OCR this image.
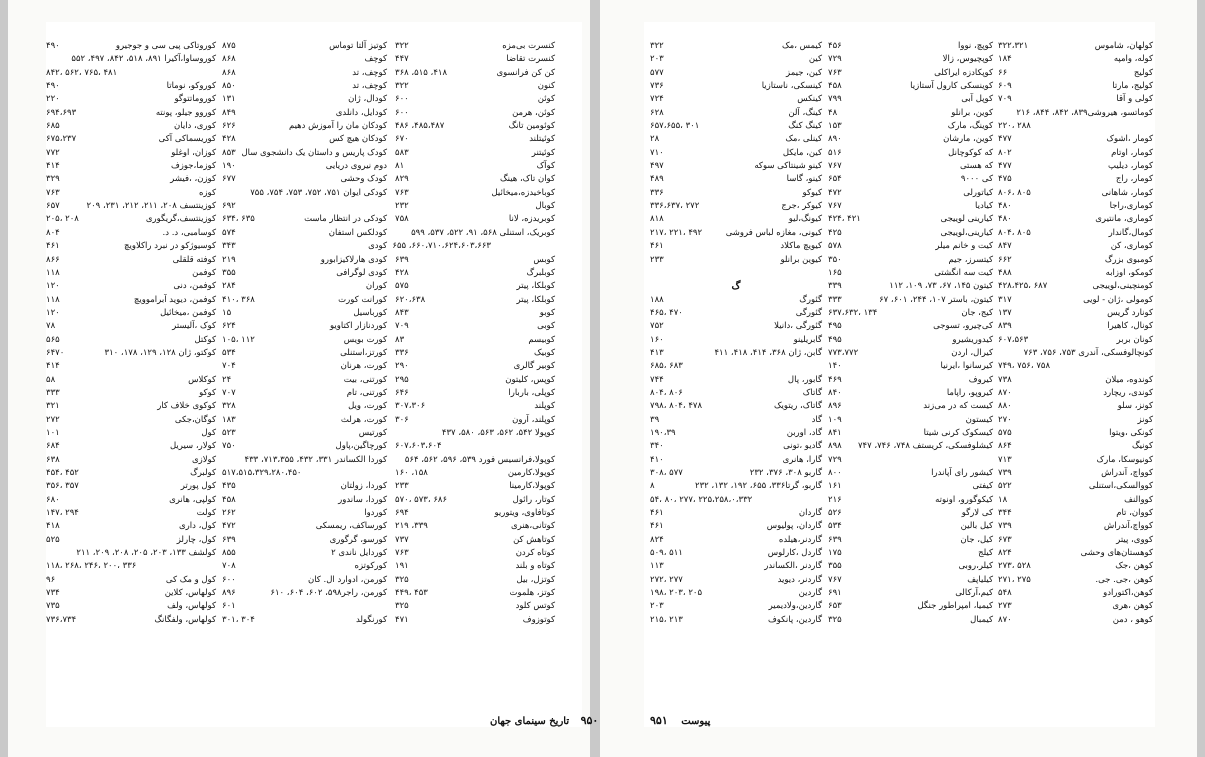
۹۵۰ تاریخ سینمای جهان	پیوست ۹۵۱
کنسرت بی‌مزه
۳۲۲
کنسرت تقاضا
۴۴۷
کن کن فرانسوی
۴۱۸، ۵۱۵، ۳۶۸
کنون
۳۲۲
کوئن
۶۰۰
کوئن، هرمن
۶۰۰
کوئومین تانگ
۴۸۵،۴۸۷، ۴۸۶
کوئیتلند
۶۷۰
کوئیتنر
۵۸۳
کوآک
۸۱
کوان تاک، هینگ
۸۲۹
کوباخیدزه،میخائیل
۷۶۳
کوبال
۲۳۲
کوبریدزه، لانا
۷۵۸
کوبریک، استنلی ۵۶۸، ۹۱، ۵۲۲، ۵۳۷، ۵۹۹
۶۶۰،۷۱۰،۶۲۴،۶۰۳،۶۶۳، ۶۵۵
کوبس
۶۳۹
کوبلبرگ
۴۲۸
کوبلکا، پیتر
۵۷۵
کوبلکا، پیتر
۶۲۰،۶۳۸
کوبو
۸۴۳
کوبی
۷۰۹
کوبیسم
۸۳
کوبیک
۳۳۶
کوبیر گالری
۲۹۰
کوپس، کلیتون
۲۹۵
کوپلی، باربارا
۶۴۶
کوپلند
۳۰۷،۳۰۶
کوپلند، آرون
۳۰۶
کوپولا ۵۴۲، ۵۶۲، ۵۶۳، ۵۸۰، ۴۳۷
۶۰۷،۶۰۳،۶۰۴
کوپولا،فرانسیس فورد ۵۳۹، ۵۹۶، ۵۶۲، ۵۶۴
کوپولا،کارمین
۱۵۸، ۱۶۰
کوپولا،کارمینا
۲۳۳
کوتار، رائول
۶۸۶ ،۵۷۳ ،۵۷۰
کوتافاوی، ویتوریو
۶۹۴
کوتانی،هنری
۳۳۹، ۲۱۹
کوتاهش کن
۷۳۷
کوتاه کردن
۷۶۳
کوتاه و بلند
۱۹۱
کوتزل، بیل
۳۲۵
کوتز، هلموت
۴۵۳ ،۴۴۹
کوتس کلود
۳۲۵
کوتوزوف
۴۷۱
کوتیز آلتا توماس
۸۷۵
کوچف
۸۶۸
کوچف، تد
۸۶۸
کوچف، تد
۸۵۰
کودال، ژان
۱۳۱
کودایل، دانلدی
۸۴۹
کودکان مان را آموزش دهیم
۶۲۶
کودکان هیچ کس
۴۲۸
کودک پاریس و داستان یک دانشجوی سال
۸۵۳
دوم نیروی دریایی
۱۹۰
کودک وحشی
۶۷۷
کودکی ایوان ۷۵۱، ۷۵۲، ۷۵۳، ۷۵۴، ۷۵۵
۶۹۲
کودکی در انتظار ماست
۶۳۵ ،۶۳۴
کودلکس استفان
۵۷۴
کودی
۳۴۳
کودی هارلاکیزابورو
۲۱۹
کودی لوگرافی
۳۵۵
کوران
۲۸۴
کورانت کورت
۳۶۸ ،۴۱۰
کورباسیل
۱۵
کوردنازار اکتاویو
۶۲۴
کورت بویس
۱۱۲ ،۱۰۵
کورتز،استنلی
۵۳۴
کورت، هرنان
۷۰۴
کورتنی، بیت
۲۴
کورتنی، تام
۷۰۷
کورت، ویل
۳۲۸
کورت، هرلث
۱۸۳
کورتیس
۵۲۳
کورچاگین،پاول
۷۵۰
کوردا الکساندر ۳۳۱، ۴۳۲، ۷۱۳،۳۵۵، ۴۳۳
۵۱۷،۵۱۵،۳۲۹،۲۸۰،۴۵۰
کوردا، زولتان
۴۳۵
کوردا، ساندور
۴۵۸
کوردوا
۲۶۲
کورساکف، ریمسکی
۴۷۲
کورسو، گرگوری
۶۳۹
کوردایل ناندی ۲
۸۵۵
کورکوتزه
۷۰۸
کورمن، ادوارد ال. کان
۶۰۰
کورمن، راجر۵۹۸، ۶۰۲، ۶۰۴، ۶۱۰
۸۹۶
۶۰۱
کورنگولد
۳۰۴ ،۳۰۱
کوروتاکی پیی سی و جوجیرو
۴۹۰
کوروساوا،آکیرا ۸۹۱، ۵۱۸، ۸۴۲، ۴۹۷، ۵۵۲
۴۸۱ ،۷۶۵ ،۵۶۲ ،۸۴۲
کوروکو، نوماتا
۴۹۰
کوروماتتوگو
۲۲۰
کوروو جیلو، پونته
۶۹۴،۶۹۳
کوری، دایان
۶۸۵
کوریسماکی آکی
۶۷۵،۲۳۷
کوزان، اوغلو
۷۷۲
کوزما،جوزف
۴۱۴
کوزن، ،فیشر
۳۲۹
کوزه
۷۶۳
کوزینتسف ۲۰۸، ۲۱۱، ۲۱۲، ۲۳۱، ۲۰۹
۶۵۷
کوزینتسف،گریگوری
۲۰۸ ،۲۰۵
کوسامبی، د. د.
۸۰۴
کوسیوژکو در نبرد راکلاویچ
۴۶۱
کوفته قلقلی
۸۶۶
کوفمن
۱۱۸
کوفمن، دنی
۱۲۰
کوفمن، دیوید آبراموویچ
۱۱۸
کوفمن ،میخائیل
۱۲۰
کوک ،آلیستر
۷۸
کوکتل
۵۶۵
کوکتو، ژان ۱۲۸، ۱۲۹، ۱۷۸، ۳۱۰
۶۴۷۰
۴۱۴
کوکلاس
۵۸
کوکو
۳۳۳
کوکوی خلاف کار
۳۲۱
کوگان،جکی
۲۷۲
کول
۱۰۱
کولار، سیریل
۶۸۴
کولازی
۶۳۸
کولبرگ
۴۵۲ ،۴۵۴
کول پورتر
۳۵۷ ،۳۵۶
کولپی، هانری
۶۸۰
کولت
۲۹۴ ،۱۴۷
کول، داری
۴۱۸
کول، چارلز
۵۲۵
کولشف ۱۳۳، ۲۰۳، ۲۰۵، ۲۰۸، ۲۰۹، ۲۱۱
۳۳۶ ،۲۰۰ ،۲۴۶ ،۲۶۸ ،۱۱۸
کول و مک کی
۹۶
کولهاس، کلاین
۷۳۴
کولهاس، ولف
۷۳۵
کولهاس، ولفگانگ
۷۳۶،۷۳۴
کولهان، شاموس
۳۲۲،۳۲۱
کوله، وامپه
۱۸۴
کولیج
۶۶
کولیج، مارتا
۶۰۹
کولی و آقا
۷۰۹
کوماتسو، هیروشی۸۳۹، ۸۴۲، ۸۴۴، ۲۱۶
۲۸۸ ،۲۲۰
کومار ،اشوک
۴۷۷
کومار، اوتام
۸۰۲
کومار، دیلیپ
۴۷۷
کومار، راج
۴۷۵
کومار، شاهانی
۸۰۵ ،۸۰۶
کوماری،راجا
۴۸۰
کوماری، مانتیری
۴۸۰
کومال،گاندار
۸۰۵ ،۸۰۴
کوماری، کن
۸۴۷
کومبوی بزرگ
۶۶۲
کومکو، اوزابه
۴۸۸
کومنچینی،لوییجی
۶۸۷ ،۴۲۸،۴۲۵
کومولی ،ژان - لویی
۳۱۷
کونارد گریس
۱۳۷
کونال، کاهیرا
۸۳۹
کونان بربر
۶۰۷،۵۶۳
کونچالوفسکی، آندری ۷۵۳، ۷۵۶، ۷۶۳
۷۵۸ ،۷۵۶ ،۷۴۹
کوندوه، میلان
۷۳۸
کوندی، ریچارد
۸۷۰
کونز، سلو
۸۸۰
کونز
۲۷۰
کونکی ،ویتوا
۵۷۵
کونیگ
۸۶۴
کونیوسکا، مارک
۷۱۳
کوواچ، آندراش
۷۳۹
کووالسکی،استنلی
۵۲۲
کووالنف
۱۸
کووان، تام
۳۴۴
کوواچ،آندراش
۷۳۹
کووی، پیتر
۶۷۳
کوهستان‌های وحشی
۸۲۴
کوهن ،جک
۵۲۸ ،۲۷۳
کوهن ،جی. جی.
۲۷۵ ،۲۷۱
کوهن،اکتورادو
۵۴۸
کوهن ،هری
۲۷۳
کوهو ، دمن
۸۷۰
کوپچ، نووا
۴۵۶
کوپچیوس، زالا
۷۲۹
کوپکادزه ایراکلی
۷۶۳
کوینسکی کارول آستازیا
۴۵۸
کوپل آبی
۷۹۹
کوین، برانلو
۴۸
کوینگ، مارک
۱۵۳
کوین، مارشان
۸۹۰
که کوکوچانل
۵۱۶
که هستی
۷۶۷
کی ۹۰۰۰
۶۵۴
کیاتورلی
۴۷۲
کیادیا
۷۶۷
کیارینی لوییجی
۴۲۱ ،۴۲۴
کیارینی،لوییجی
۴۲۵
کیت و خانم میلر
۵۷۸
کیتسرز، جیم
۳۵۰
کیت سه انگشتی
۱۶۵
کیتون ۱۴۵، ۶۷، ۷۳، ۱۰۹، ۱۱۲
۳۳۹
کیتون، باستر ۱۰۷، ۲۴۴، ۶۰۱، ۶۷
۳۳۳
کیج، جان
۱۳۴ ،۶۳۷،۶۳۲
کی‌چیرو، تسوجی
۴۹۵
کیدوریشیرو
۴۹۵
کیرال، اردن
۷۷۳،۷۷۲
کیرسانوا ،ایرنیا
۱۴۰
کیروف
۴۶۹
کیروپو، راپاما
۸۴۰
کیست که در می‌زند
۸۹۶
کیستون
۱۰۹
کیسکوک کرنی شیتا
۸۴۱
کیشلوفسکی، کریستف ۷۴۸، ۷۴۶، ۷۴۷
۸۹۸
۷۲۹
کیشور رای آپاندرا
۸۰۰
کیفتی
۱۶۱
کیکوگورو، اونوته
۲۱۶
کی لارگو
۵۲۶
کیل بالین
۵۳۴
کیل، جان
۶۳۹
کیلج
۱۷۵
کیلر،روبی
۳۵۵
کیلیاپف
۷۶۷
کیم،آرکالی
۶۹۱
کیمیا، امپراطور جنگل
۶۵۳
کیمبال
۳۲۵
کیمس ،مک
۳۲۲
کین
۲۰۳
کین، جیمز
۵۷۷
کینسکی، ناستازیا
۷۳۶
کینکس
۷۲۴
کینگ، آلن
۶۲۸
کینگ کنگ
۳۰۱ ،۶۵۷،۶۵۵
کینلی ،مک
۲۸
کین، مایکل
۷۱۰
کینو شینتاکی سوکه
۴۹۷
کینو، گاسا
۴۸۹
کیوکو
۳۳۶
کیوکر ،جرج
۲۷۲ ،۳۳۶،۶۳۷
کیونگ،لیو
۸۱۸
کیونی، مغازه لباس فروشی
۴۹۲ ،۲۲۱ ،۲۱۷
کیویچ ماکلاد
۴۶۱
کیوین برانلو
۲۳۳
گ
گئورگ
۱۸۸
گئورگی
۴۷۰ ،۴۶۵
گئورگی ،دانیلا
۷۵۲
گابریلینو
۱۶۰
گابن، ژان ۳۶۸، ۴۱۴، ۴۱۸، ۴۱۱
۴۱۳
۶۸۳ ،۶۸۵
گابور، پال
۷۴۴
گاتاک
۸۰۶ ،۸۰۴
گاتاک، ریتویک
۴۷۸ ،۸۰۴ ،۷۹۸
گاد
۳۹
گاد، اوربن
۱۹۰،۳۹
گادیو ،تونی
۳۴۰
گارا، هانری
۴۱۰
گاربو ۳۰۸، ۳۷۶، ۲۳۲
۵۷۷ ،۳۰۸
گاربو، گرتا۳۳۶، ۶۵۵، ۱۹۲، ۱۳۲، ۲۳۲
۸
۲۲۵،۲۵۸،۰،۳۳۲ ،۲۷۷ ،۸۰ ،۵۴
گاردان
۴۶۱
گاردان، پولیوس
۴۶۱
گاردنر،هیلده
۸۲۴
گاردل ،کارلوس
۵۱۱ ،۵۰۹
گاردنر ،الکساندر
۱۱۳
گاردنر، دیوید
۲۷۷ ،۲۷۲
گاردین
۲۰۵ ،۲۰۳ ،۱۹۸
گاردین،ولادیمیر
۲۰۳
گاردین، پانکوف
۲۱۳ ،۲۱۵
